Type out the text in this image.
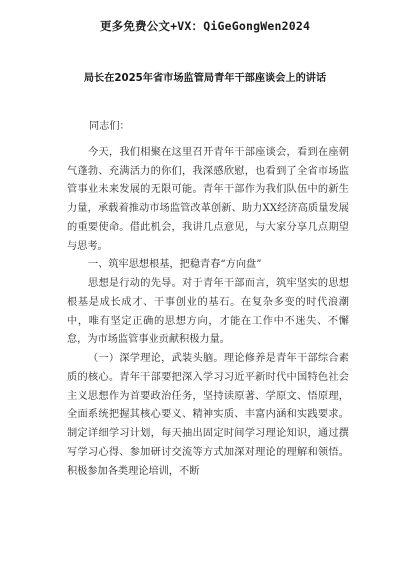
更多免费公文+VX：QiGeGongWen2024
局长在2025年省市场监管局青年干部座谈会上的讲话

同志们：

今天，我们相聚在这里召开青年干部座谈会，看到在座朝气蓬勃、充满活力的你们，我深感欣慰，也看到了全省市场监管事业未来发展的无限可能。青年干部作为我们队伍中的新生力量，承载着推动市场监管改革创新、助力XX经济高质量发展的重要使命。借此机会，我讲几点意见，与大家分享几点期望与思考。

一、筑牢思想根基，把稳青春“方向盘”

思想是行动的先导。对于青年干部而言，筑牢坚实的思想根基是成长成才、干事创业的基石。在复杂多变的时代浪潮中，唯有坚定正确的思想方向，才能在工作中不迷失、不懈怠，为市场监管事业贡献积极力量。

（一）深学理论，武装头脑。理论修养是青年干部综合素质的核心。青年干部要把深入学习习近平新时代中国特色社会主义思想作为首要政治任务，坚持读原著、学原文、悟原理，全面系统把握其核心要义、精神实质、丰富内涵和实践要求。制定详细学习计划，每天抽出固定时间学习理论知识，通过撰写学习心得、参加研讨交流等方式加深对理论的理解和领悟。积极参加各类理论培训，不断
